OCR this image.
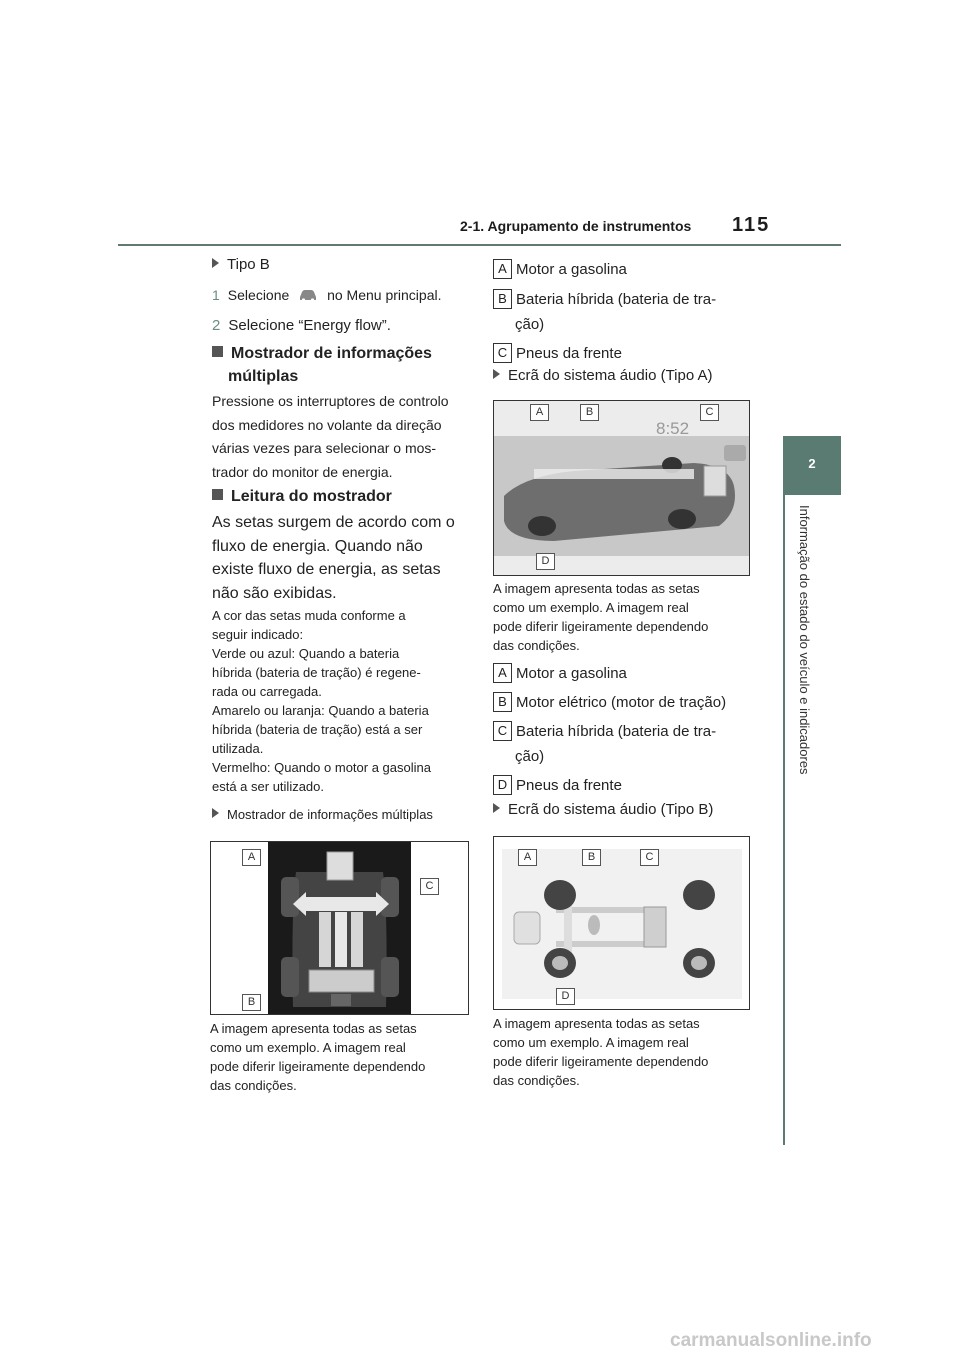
2-1. Agrupamento de instrumentos 115
2
Informação do estado do veículo e indicadores
Tipo B
1 Selecione	no Menu principal.
2 Selecione “Energy flow”.
Mostrador de informações
múltiplas
Pressione os interruptores de controlo
dos medidores no volante da direção
várias vezes para selecionar o mos-
trador do monitor de energia.
Leitura do mostrador
As setas surgem de acordo com o
fluxo de energia. Quando não
existe fluxo de energia, as setas
não são exibidas.
A cor das setas muda conforme a
seguir indicado:
Verde ou azul: Quando a bateria
híbrida (bateria de tração) é regene-
rada ou carregada.
Amarelo ou laranja: Quando a bateria
híbrida (bateria de tração) está a ser
utilizada.
Vermelho: Quando o motor a gasolina
está a ser utilizado.
Mostrador de informações múltiplas
A
C
B
A imagem apresenta todas as setas
como um exemplo. A imagem real
pode diferir ligeiramente dependendo
das condições.
A Motor a gasolina
B Bateria híbrida (bateria de tra-
ção)
C Pneus da frente
Ecrã do sistema áudio (Tipo A)
8:52
A	B	C
D
A imagem apresenta todas as setas
como um exemplo. A imagem real
pode diferir ligeiramente dependendo
das condições.
A Motor a gasolina
B Motor elétrico (motor de tração)
C Bateria híbrida (bateria de tra-
ção)
D Pneus da frente
Ecrã do sistema áudio (Tipo B)
A	B	C
D
A imagem apresenta todas as setas
como um exemplo. A imagem real
pode diferir ligeiramente dependendo
das condições.
carmanualsonline.info
